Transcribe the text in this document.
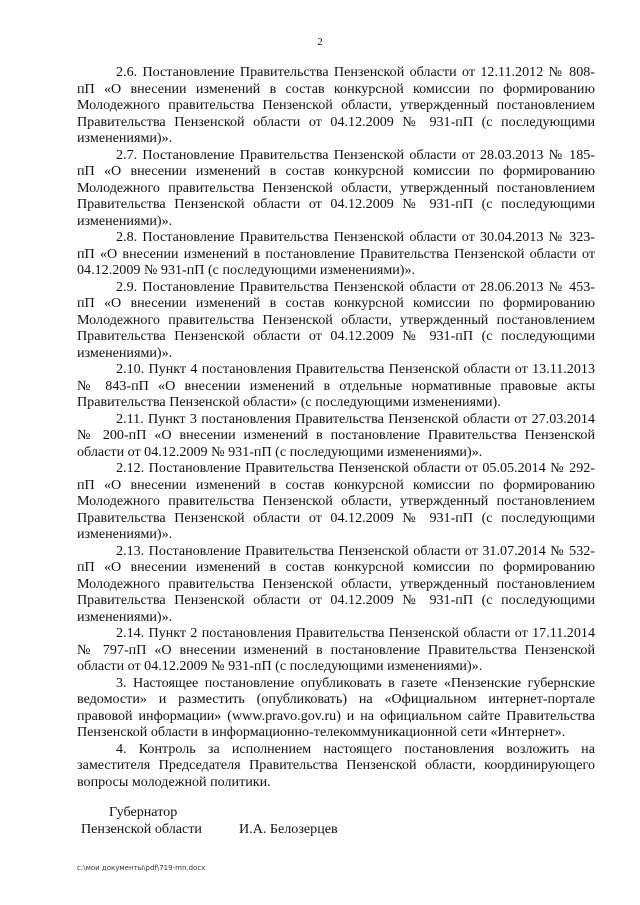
2

2.6. Постановление Правительства Пензенской области от 12.11.2012 № 808-пП «О внесении изменений в состав конкурсной комиссии по формированию Молодежного правительства Пензенской области, утвержденный постановлением Правительства Пензенской области от 04.12.2009 № 931-пП (с последующими изменениями)».

2.7. Постановление Правительства Пензенской области от 28.03.2013 № 185-пП «О внесении изменений в состав конкурсной комиссии по формированию Молодежного правительства Пензенской области, утвержденный постановлением Правительства Пензенской области от 04.12.2009 № 931-пП (с последующими изменениями)».

2.8. Постановление Правительства Пензенской области от 30.04.2013 № 323-пП «О внесении изменений в постановление Правительства Пензенской области от 04.12.2009 № 931-пП (с последующими изменениями)».

2.9. Постановление Правительства Пензенской области от 28.06.2013 № 453-пП «О внесении изменений в состав конкурсной комиссии по формированию Молодежного правительства Пензенской области, утвержденный постановлением Правительства Пензенской области от 04.12.2009 № 931-пП (с последующими изменениями)».

2.10. Пункт 4 постановления Правительства Пензенской области от 13.11.2013 № 843-пП «О внесении изменений в отдельные нормативные правовые акты Правительства Пензенской области» (с последующими изменениями).

2.11. Пункт 3 постановления Правительства Пензенской области от 27.03.2014 № 200-пП «О внесении изменений в постановление Правительства Пензенской области от 04.12.2009 № 931-пП (с последующими изменениями)».

2.12. Постановление Правительства Пензенской области от 05.05.2014 № 292-пП «О внесении изменений в состав конкурсной комиссии по формированию Молодежного правительства Пензенской области, утвержденный постановлением Правительства Пензенской области от 04.12.2009 № 931-пП (с последующими изменениями)».

2.13. Постановление Правительства Пензенской области от 31.07.2014 № 532-пП «О внесении изменений в состав конкурсной комиссии по формированию Молодежного правительства Пензенской области, утвержденный постановлением Правительства Пензенской области от 04.12.2009 № 931-пП (с последующими изменениями)».

2.14. Пункт 2 постановления Правительства Пензенской области от 17.11.2014 № 797-пП «О внесении изменений в постановление Правительства Пензенской области от 04.12.2009 № 931-пП (с последующими изменениями)».

3. Настоящее постановление опубликовать в газете «Пензенские губернские ведомости» и разместить (опубликовать) на «Официальном интернет-портале правовой информации» (www.pravo.gov.ru) и на официальном сайте Правительства Пензенской области в информационно-телекоммуникационной сети «Интернет».

4. Контроль за исполнением настоящего постановления возложить на заместителя Председателя Правительства Пензенской области, координирующего вопросы молодежной политики.

Губернатор
Пензенской области	И.А. Белозерцев
c:\мои документы\pdf\719-mn.docx
